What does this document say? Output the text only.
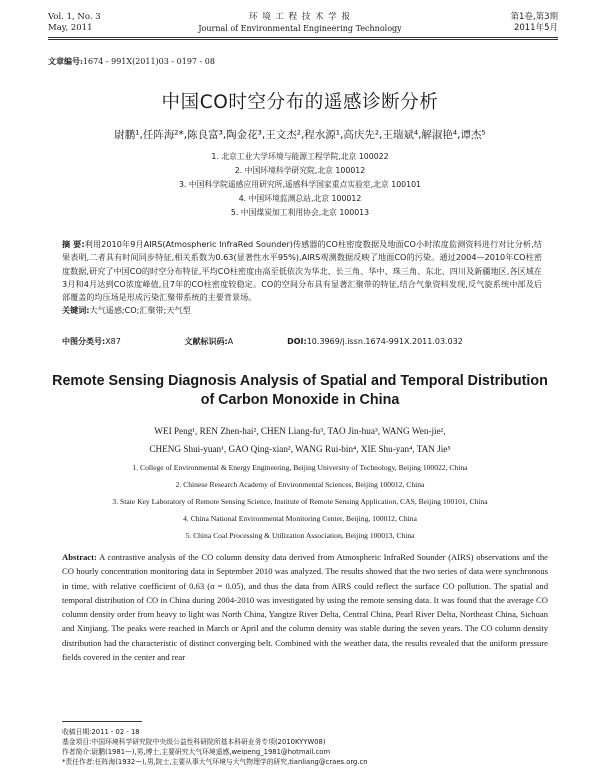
Vol. 1, No. 3
May, 2011
环 境 工 程 技 术 学 报
Journal of Environmental Engineering Technology
第1卷,第3期
2011年5月
文章编号:1674 - 991X(2011)03 - 0197 - 08
中国CO时空分布的遥感诊断分析
尉鹏¹,任阵海²*,陈良富³,陶金花³,王文杰²,程水源¹,高庆先²,王瑞斌⁴,解淑艳⁴,谭杰⁵
1. 北京工业大学环境与能源工程学院,北京 100022
2. 中国环境科学研究院,北京 100012
3. 中国科学院遥感应用研究所,遥感科学国家重点实验室,北京 100101
4. 中国环境监测总站,北京 100012
5. 中国煤炭加工利用协会,北京 100013
摘 要:利用2010年9月AIRS(Atmospheric InfraRed Sounder)传感器的CO柱密度数据及地面CO小时浓度监测资料进行对比分析,结果表明,二者具有时间同步特征,相关系数为0.63(显著性水平95%),AIRS观测数据反映了地面CO的污染。通过2004—2010年CO柱密度数据,研究了中国CO的时空分布特征,平均CO柱密度由高至低依次为华北、长三角、华中、珠三角、东北、四川及新疆地区,各区域在3月和4月达到CO浓度峰值,且7年的CO柱密度较稳定。CO的空间分布具有显著汇聚带的特征,结合气象资料发现,反气旋系统中部及后部覆盖的均压场是形成污染汇聚带系统的主要背景场。
关键词:大气遥感;CO;汇聚带;天气型
中图分类号:X87	文献标识码:A	DOI:10.3969/j.issn.1674-991X.2011.03.032
Remote Sensing Diagnosis Analysis of Spatial and Temporal Distribution
of Carbon Monoxide in China
WEI Peng¹, REN Zhen-hai², CHEN Liang-fu³, TAO Jin-hua³, WANG Wen-jie²,
CHENG Shui-yuan¹, GAO Qing-xian², WANG Rui-bin⁴, XIE Shu-yan⁴, TAN Jie⁵
1. College of Environmental & Energy Engineering, Beijing University of Technology, Beijing 100022, China
2. Chinese Research Academy of Environmental Sciences, Beijing 100012, China
3. State Key Laboratory of Remote Sensing Science, Institute of Remote Sensing Application, CAS, Beijing 100101, China
4. China National Environmental Monitoring Center, Beijing, 100012, China
5. China Coal Processing & Utilization Association, Beijing 100013, China
Abstract: A contrastive analysis of the CO column density data derived from Atmospheric InfraRed Sounder (AIRS) observations and the CO hourly concentration monitoring data in September 2010 was analyzed. The results showed that the two series of data were synchronous in time, with relative coefficient of 0.63 (α = 0.05), and thus the data from AIRS could reflect the surface CO pollution. The spatial and temporal distribution of CO in China during 2004-2010 was investigated by using the remote sensing data. It was found that the average CO column density order from heavy to light was North China, Yangtze River Delta, Central China, Pearl River Delta, Northeast China, Sichuan and Xinjiang. The peaks were reached in March or April and the column density was stable during the seven years. The CO column density distribution had the characteristic of distinct converging belt. Combined with the weather data, the results revealed that the uniform pressure fields covered in the center and rear
收稿日期:2011 - 02 - 18
基金项目:中国环境科学研究院中央级公益性科研院所基本科研业务专项(2010KYYW08)
作者简介:尉鹏(1981—),男,博士,主要研究大气环境遥感,weipeng_1981@hotmail.com
*责任作者:任阵海(1932—),男,院士,主要从事大气环境与大气物理学的研究,tianliang@craes.org.cn
